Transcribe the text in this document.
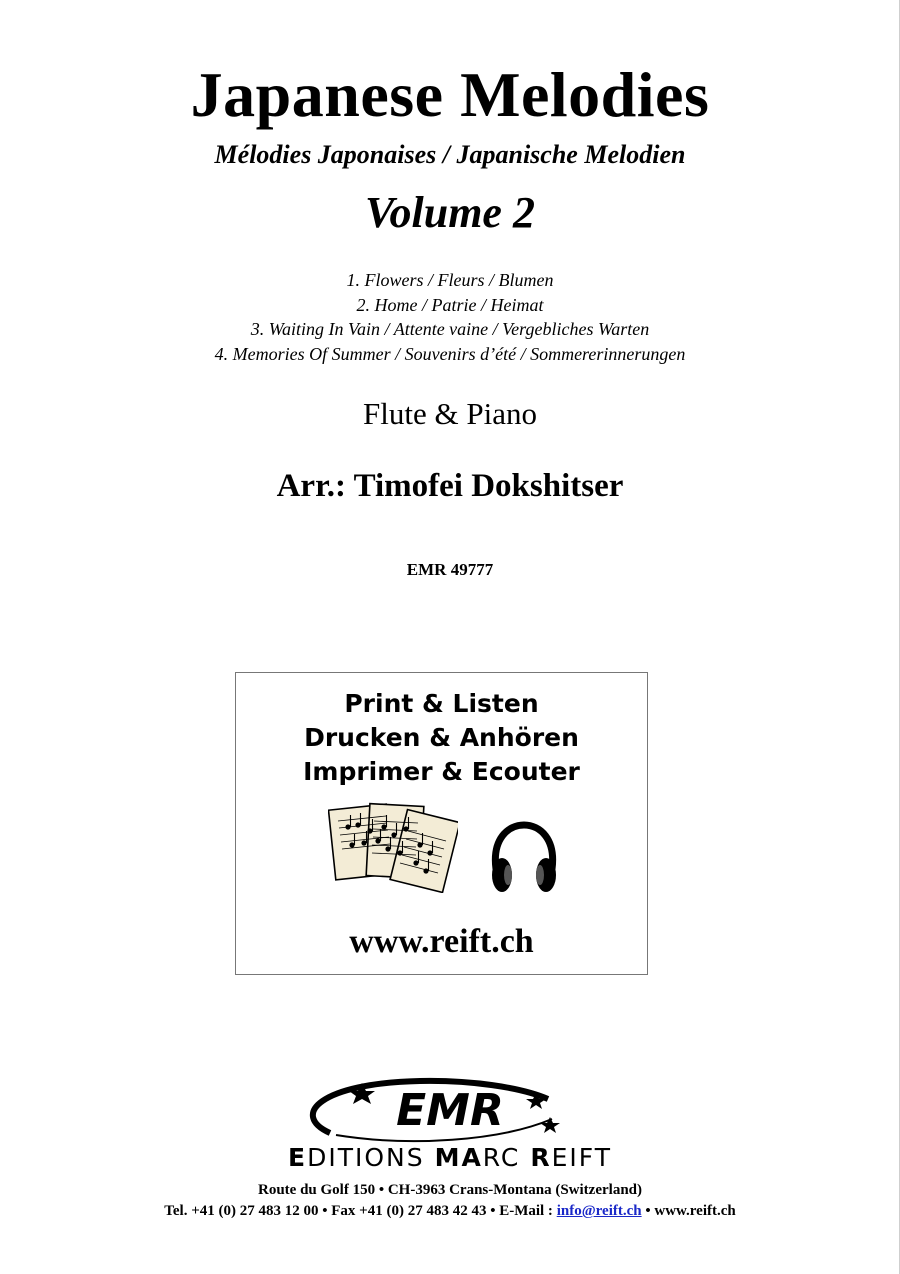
Japanese Melodies
Mélodies Japonaises / Japanische Melodien
Volume 2
1. Flowers / Fleurs / Blumen
2. Home / Patrie / Heimat
3. Waiting In Vain / Attente vaine / Vergebliches Warten
4. Memories Of Summer / Souvenirs d’été / Sommererinnerungen
Flute & Piano
Arr.: Timofei Dokshitser
EMR 49777
Print & Listen
Drucken & Anhören
Imprimer & Ecouter
www.reift.ch
EMR
EDITIONS MARC REIFT
Route du Golf 150 • CH-3963 Crans-Montana (Switzerland)
Tel. +41 (0) 27 483 12 00 • Fax +41 (0) 27 483 42 43 • E-Mail : info@reift.ch • www.reift.ch
